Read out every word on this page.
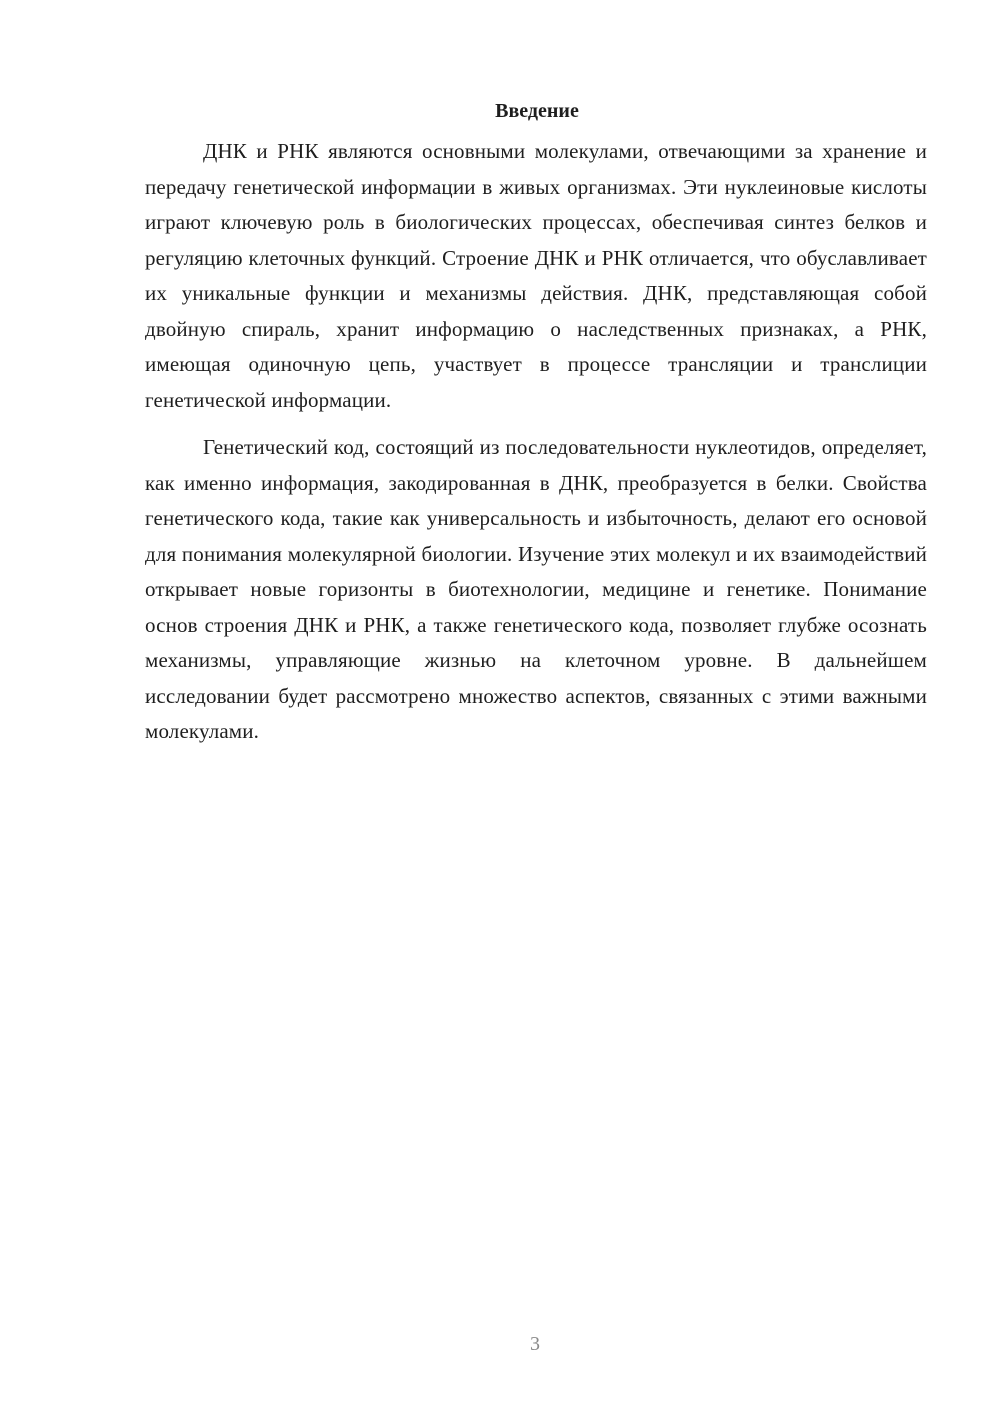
Введение

ДНК и РНК являются основными молекулами, отвечающими за хранение и передачу генетической информации в живых организмах. Эти нуклеиновые кислоты играют ключевую роль в биологических процессах, обеспечивая синтез белков и регуляцию клеточных функций. Строение ДНК и РНК отличается, что обуславливает их уникальные функции и механизмы действия. ДНК, представляющая собой двойную спираль, хранит информацию о наследственных признаках, а РНК, имеющая одиночную цепь, участвует в процессе трансляции и транслиции генетической информации.

Генетический код, состоящий из последовательности нуклеотидов, определяет, как именно информация, закодированная в ДНК, преобразуется в белки. Свойства генетического кода, такие как универсальность и избыточность, делают его основой для понимания молекулярной биологии. Изучение этих молекул и их взаимодействий открывает новые горизонты в биотехнологии, медицине и генетике. Понимание основ строения ДНК и РНК, а также генетического кода, позволяет глубже осознать механизмы, управляющие жизнью на клеточном уровне. В дальнейшем исследовании будет рассмотрено множество аспектов, связанных с этими важными молекулами.

3
